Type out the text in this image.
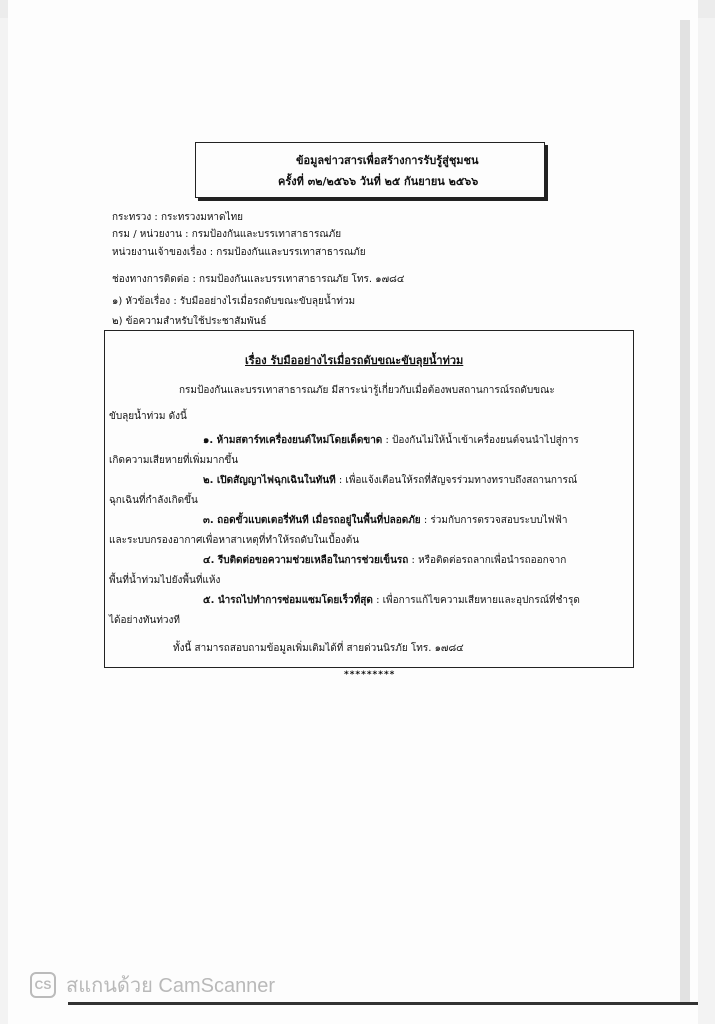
ข้อมูลข่าวสารเพื่อสร้างการรับรู้สู่ชุมชน
ครั้งที่ ๓๒/๒๕๖๖ วันที่ ๒๕ กันยายน ๒๕๖๖
กระทรวง : กระทรวงมหาดไทย
กรม / หน่วยงาน : กรมป้องกันและบรรเทาสาธารณภัย
หน่วยงานเจ้าของเรื่อง : กรมป้องกันและบรรเทาสาธารณภัย
ช่องทางการติดต่อ : กรมป้องกันและบรรเทาสาธารณภัย โทร. ๑๗๘๔
๑) หัวข้อเรื่อง : รับมืออย่างไรเมื่อรถดับขณะขับลุยน้ำท่วม
๒) ข้อความสำหรับใช้ประชาสัมพันธ์
เรื่อง รับมืออย่างไรเมื่อรถดับขณะขับลุยน้ำท่วม
กรมป้องกันและบรรเทาสาธารณภัย มีสาระน่ารู้เกี่ยวกับเมื่อต้องพบสถานการณ์รถดับขณะ
ขับลุยน้ำท่วม ดังนี้
๑. ห้ามสตาร์ทเครื่องยนต์ใหม่โดยเด็ดขาด : ป้องกันไม่ให้น้ำเข้าเครื่องยนต์จนนำไปสู่การ
เกิดความเสียหายที่เพิ่มมากขึ้น
๒. เปิดสัญญาไฟฉุกเฉินในทันที : เพื่อแจ้งเตือนให้รถที่สัญจรร่วมทางทราบถึงสถานการณ์
ฉุกเฉินที่กำลังเกิดขึ้น
๓. ถอดขั้วแบตเตอรี่ทันที เมื่อรถอยู่ในพื้นที่ปลอดภัย : ร่วมกับการตรวจสอบระบบไฟฟ้า
และระบบกรองอากาศเพื่อหาสาเหตุที่ทำให้รถดับในเบื้องต้น
๔. รีบติดต่อขอความช่วยเหลือในการช่วยเข็นรถ : หรือติดต่อรถลากเพื่อนำรถออกจาก
พื้นที่น้ำท่วมไปยังพื้นที่แห้ง
๕. นำรถไปทำการซ่อมแซมโดยเร็วที่สุด : เพื่อการแก้ไขความเสียหายและอุปกรณ์ที่ชำรุด
ได้อย่างทันท่วงที
ทั้งนี้ สามารถสอบถามข้อมูลเพิ่มเติมได้ที่ สายด่วนนิรภัย โทร. ๑๗๘๔
*********
CS สแกนด้วย CamScanner
